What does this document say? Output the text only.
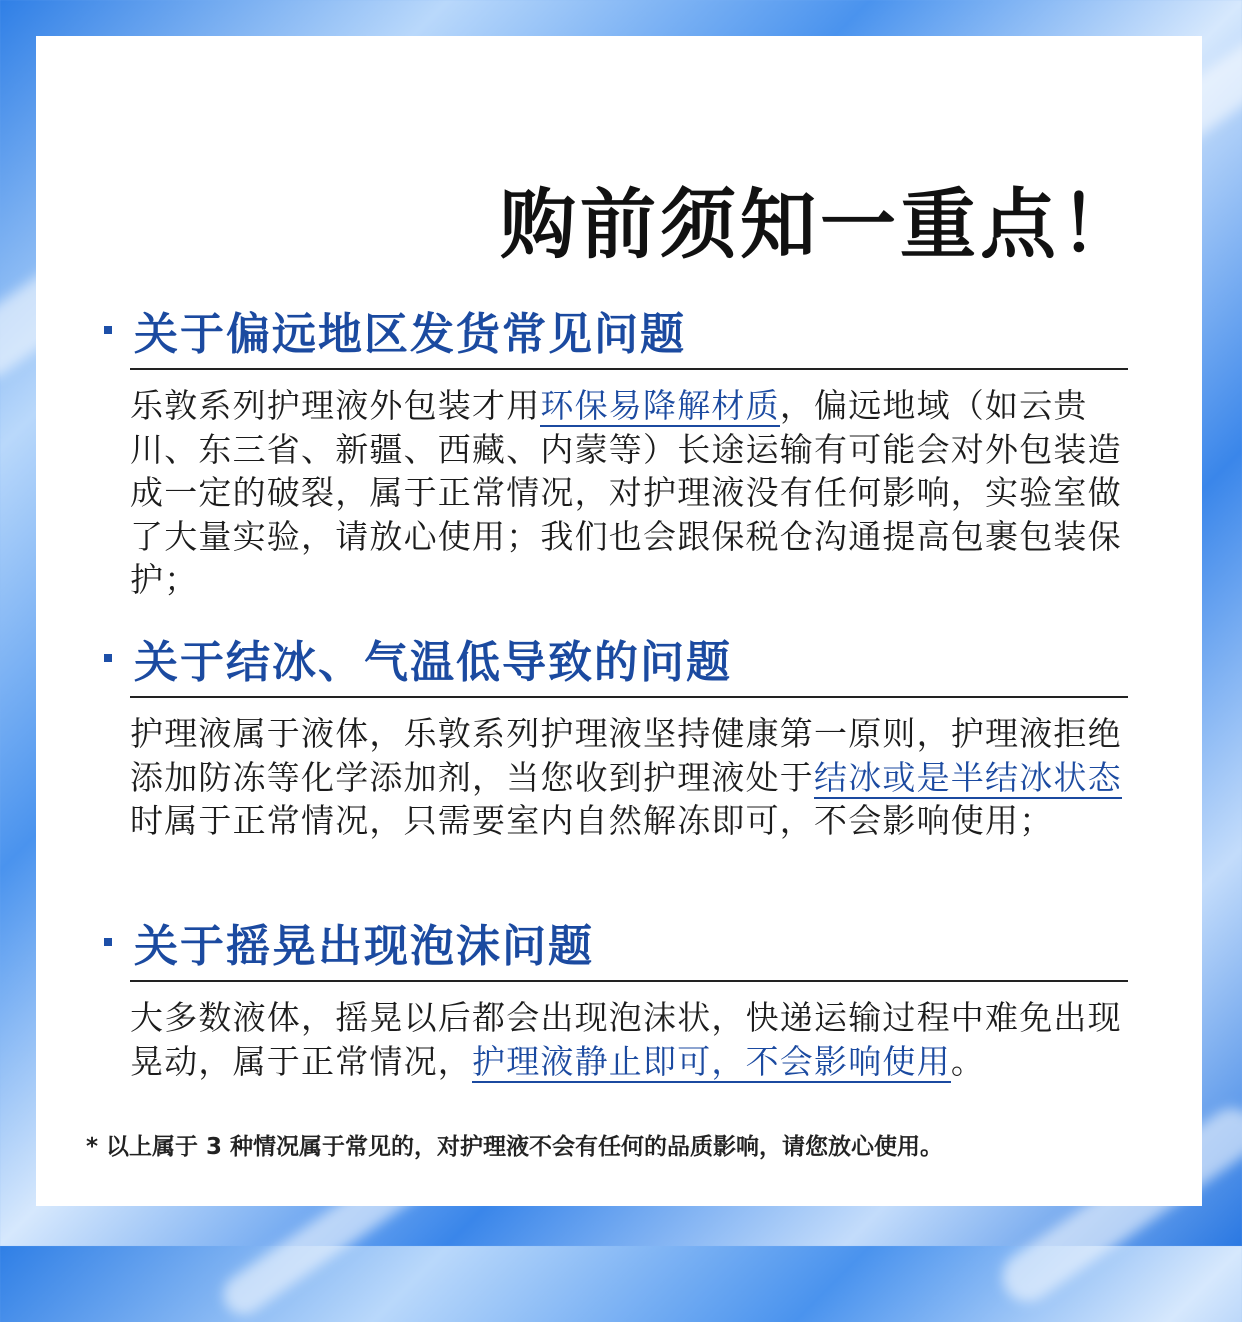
购前须知一重点！
关于偏远地区发货常见问题
乐敦系列护理液外包装才用环保易降解材质，偏远地域（如云贵川、东三省、新疆、西藏、内蒙等）长途运输有可能会对外包装造成一定的破裂，属于正常情况，对护理液没有任何影响，实验室做了大量实验，请放心使用；我们也会跟保税仓沟通提高包裹包装保护；
关于结冰、气温低导致的问题
护理液属于液体，乐敦系列护理液坚持健康第一原则，护理液拒绝添加防冻等化学添加剂，当您收到护理液处于结冰或是半结冰状态时属于正常情况，只需要室内自然解冻即可，不会影响使用；
关于摇晃出现泡沫问题
大多数液体，摇晃以后都会出现泡沫状，快递运输过程中难免出现晃动，属于正常情况，护理液静止即可，不会影响使用。
* 以上属于 3 种情况属于常见的，对护理液不会有任何的品质影响，请您放心使用。
